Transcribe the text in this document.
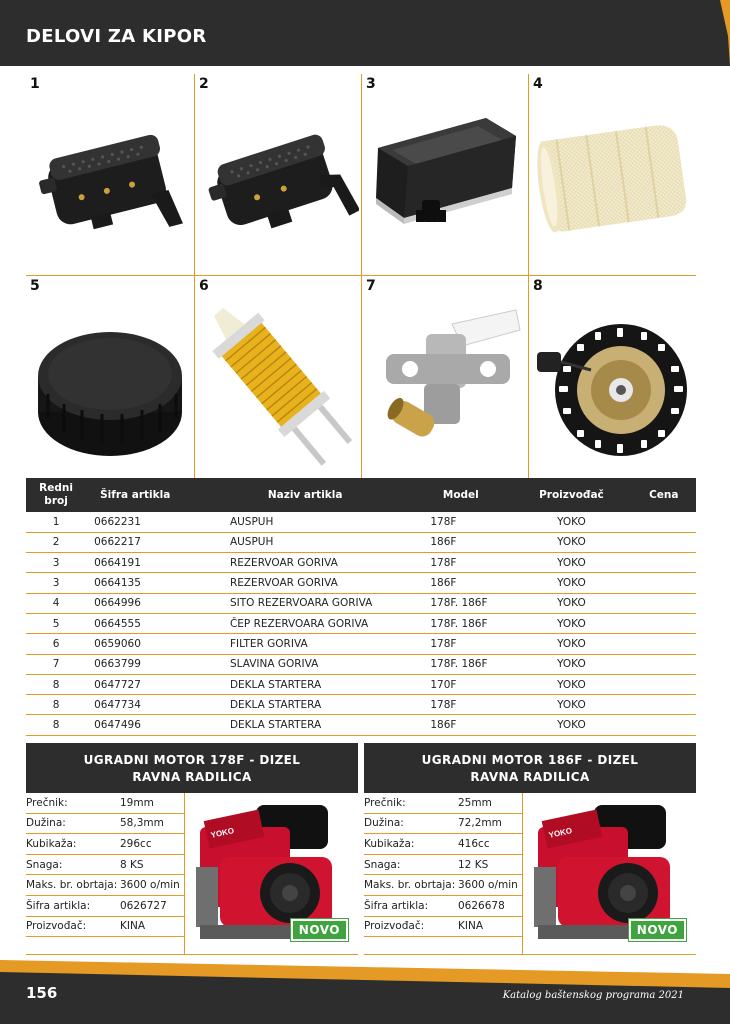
DELOVI ZA KIPOR
1	2	3	4
5	6	7	8
Redni broj	Šifra artikla	Naziv artikla	Model	Proizvođač	Cena
1	0662231	AUSPUH	178F	YOKO	
2	0662217	AUSPUH	186F	YOKO	
3	0664191	REZERVOAR GORIVA	178F	YOKO	
3	0664135	REZERVOAR GORIVA	186F	YOKO	
4	0664996	SITO REZERVOARA GORIVA	178F. 186F	YOKO	
5	0664555	ČEP REZERVOARA GORIVA	178F. 186F	YOKO	
6	0659060	FILTER GORIVA	178F	YOKO	
7	0663799	SLAVINA GORIVA	178F. 186F	YOKO	
8	0647727	DEKLA STARTERA	170F	YOKO	
8	0647734	DEKLA STARTERA	178F	YOKO	
8	0647496	DEKLA STARTERA	186F	YOKO	
UGRADNI MOTOR 178F - DIZEL
RAVNA RADILICA
Prečnik:	19mm
Dužina:	58,3mm
Kubikaža:	296cc
Snaga:	8 KS
Maks. br. obrtaja: 3600 o/min
Šifra artikla:	0626727
Proizvođač:	KINA
YOKO
NOVO
UGRADNI MOTOR 186F - DIZEL
RAVNA RADILICA
Prečnik:	25mm
Dužina:	72,2mm
Kubikaža:	416cc
Snaga:	12 KS
Maks. br. obrtaja: 3600 o/min
Šifra artikla:	0626678
Proizvođač:	KINA
YOKO
NOVO
156	Katalog baštenskog programa 2021
